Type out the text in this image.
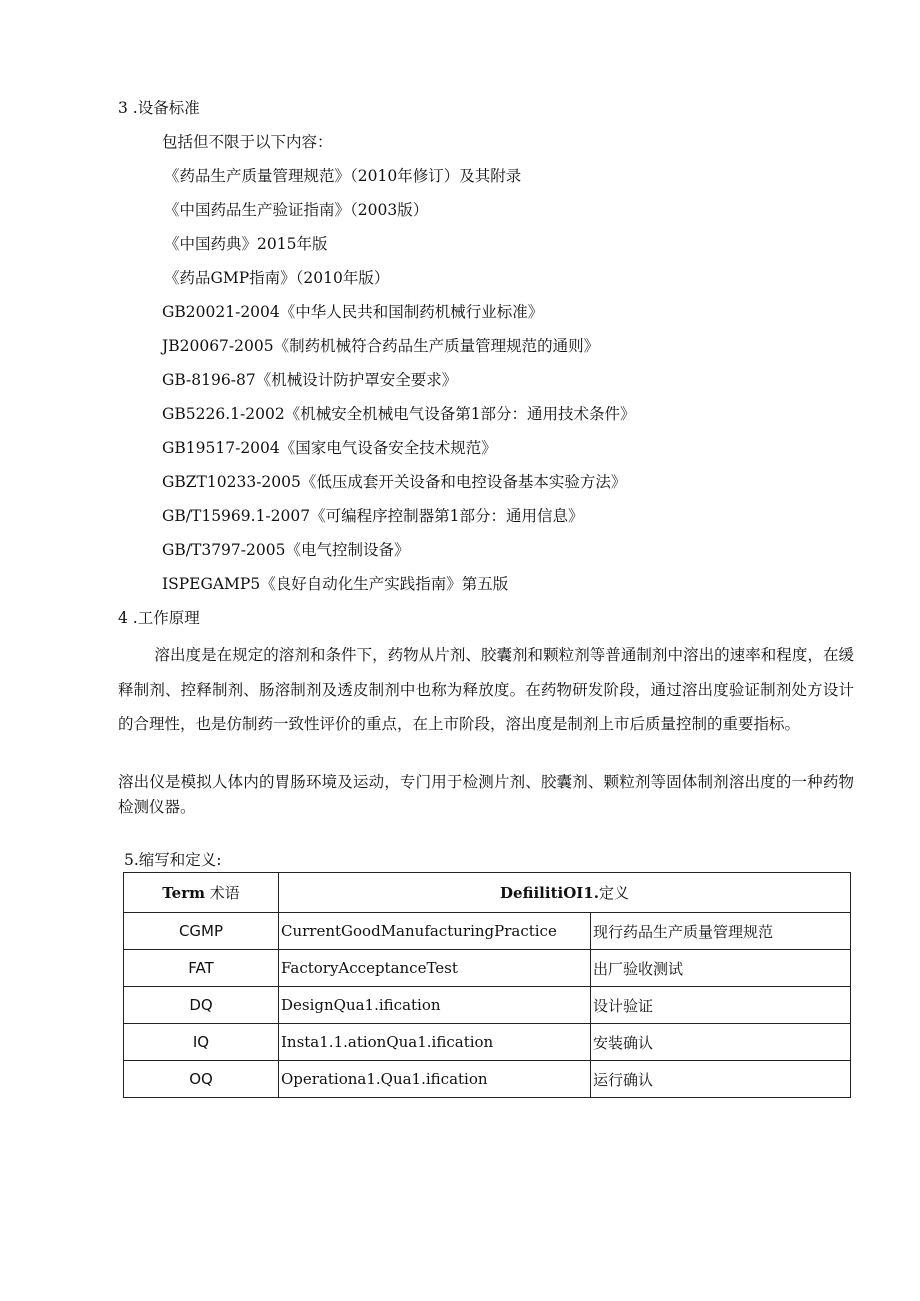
3 .设备标准
包括但不限于以下内容：
《药品生产质量管理规范》（2010年修订）及其附录
《中国药品生产验证指南》（2003版）
《中国药典》2015年版
《药品GMP指南》（2010年版）
GB20021-2004《中华人民共和国制药机械行业标准》
JB20067-2005《制药机械符合药品生产质量管理规范的通则》
GB-8196-87《机械设计防护罩安全要求》
GB5226.1-2002《机械安全机械电气设备第1部分：通用技术条件》
GB19517-2004《国家电气设备安全技术规范》
GBZT10233-2005《低压成套开关设备和电控设备基本实验方法》
GB/T15969.1-2007《可编程序控制器第1部分：通用信息》
GB/T3797-2005《电气控制设备》
ISPEGAMP5《良好自动化生产实践指南》第五版
4 .工作原理

溶出度是在规定的溶剂和条件下，药物从片剂、胶囊剂和颗粒剂等普通制剂中溶出的速率和程度，在缓释制剂、控释制剂、肠溶制剂及透皮制剂中也称为释放度。在药物研发阶段，通过溶出度验证制剂处方设计的合理性，也是仿制药一致性评价的重点，在上市阶段，溶出度是制剂上市后质量控制的重要指标。

溶出仪是模拟人体内的胃肠环境及运动，专门用于检测片剂、胶囊剂、颗粒剂等固体制剂溶出度的一种药物检测仪器。

5.缩写和定义:
Term 术语	DefiilitiOI1.定义	
CGMP	CurrentGoodManufacturingPractice	现行药品生产质量管理规范
FAT	FactoryAcceptanceTest	出厂验收测试
DQ	DesignQua1.ification	设计验证
IQ	Insta1.1.ationQua1.ification	安装确认
OQ	Operationa1.Qua1.ification	运行确认
